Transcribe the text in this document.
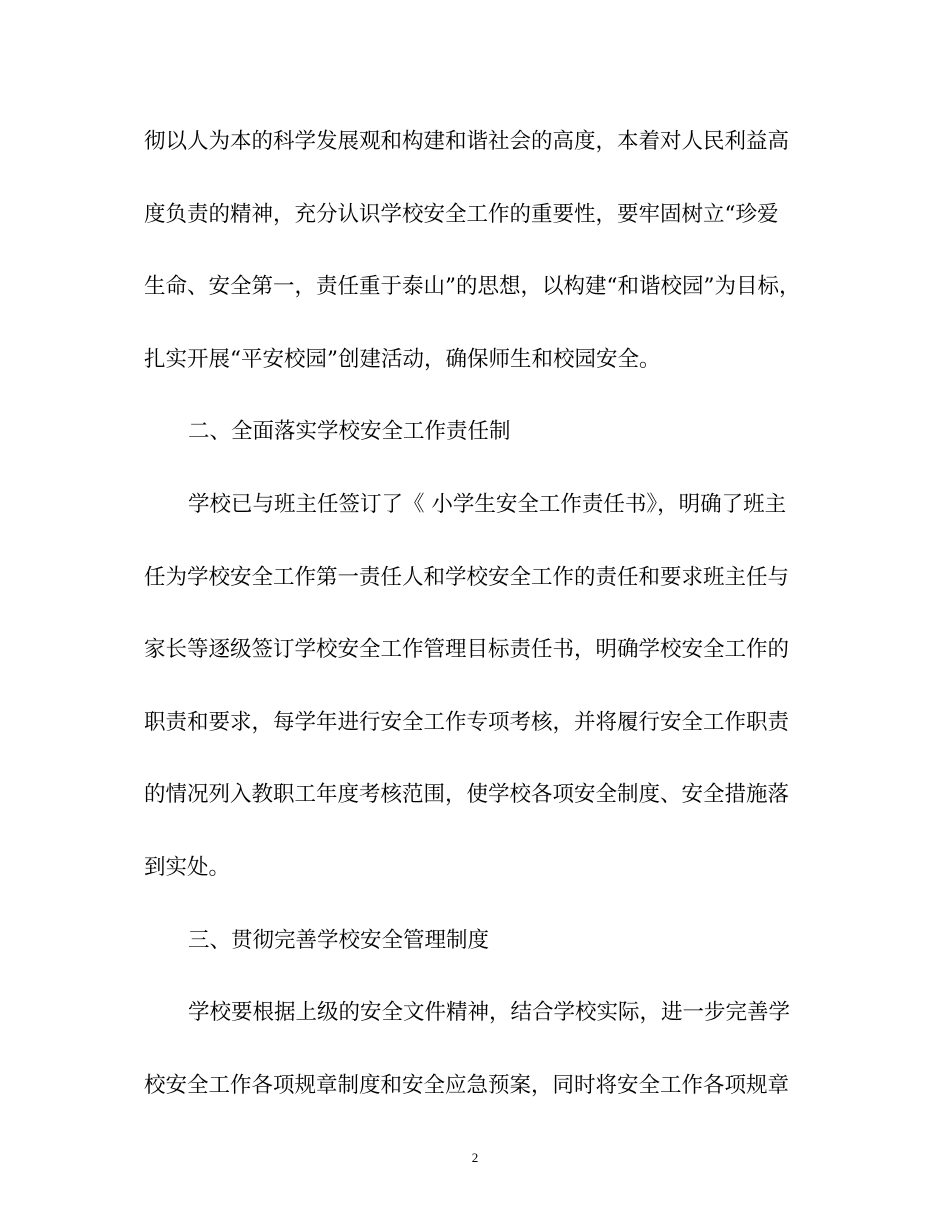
彻以人为本的科学发展观和构建和谐社会的高度，本着对人民利益高
度负责的精神，充分认识学校安全工作的重要性，要牢固树立“珍爱
生命、安全第一，责任重于泰山”的思想，以构建“和谐校园”为目标，
扎实开展“平安校园”创建活动，确保师生和校园安全。
二、全面落实学校安全工作责任制
学校已与班主任签订了《 小学生安全工作责任书》，明确了班主
任为学校安全工作第一责任人和学校安全工作的责任和要求班主任与
家长等逐级签订学校安全工作管理目标责任书，明确学校安全工作的
职责和要求，每学年进行安全工作专项考核，并将履行安全工作职责
的情况列入教职工年度考核范围，使学校各项安全制度、安全措施落
到实处。
三、贯彻完善学校安全管理制度
学校要根据上级的安全文件精神，结合学校实际，进一步完善学
校安全工作各项规章制度和安全应急预案，同时将安全工作各项规章
2
